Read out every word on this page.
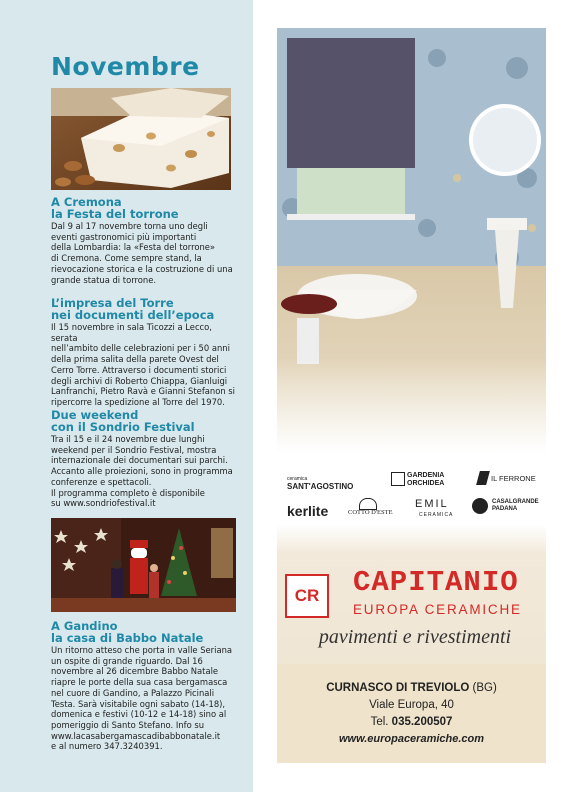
Novembre
A Cremona
la Festa del torrone

Dal 9 al 17 novembre torna uno degli
eventi gastronomici più importanti
della Lombardia: la «Festa del torrone»
di Cremona. Come sempre stand, la
rievocazione storica e la costruzione di una
grande statua di torrone.

L’impresa del Torre
nei documenti dell’epoca

Il 15 novembre in sala Ticozzi a Lecco, serata
nell’ambito delle celebrazioni per i 50 anni
della prima salita della parete Ovest del
Cerro Torre. Attraverso i documenti storici
degli archivi di Roberto Chiappa, Gianluigi
Lanfranchi, Pietro Ravà e Gianni Stefanon si
ripercorre la spedizione al Torre del 1970.

Due weekend
con il Sondrio Festival

Tra il 15 e il 24 novembre due lunghi
weekend per il Sondrio Festival, mostra
internazionale dei documentari sui parchi.
Accanto alle proiezioni, sono in programma
conferenze e spettacoli.
Il programma completo è disponibile
su www.sondriofestival.it

A Gandino
la casa di Babbo Natale

Un ritorno atteso che porta in valle Seriana
un ospite di grande riguardo. Dal 16
novembre al 26 dicembre Babbo Natale
riapre le porte della sua casa bergamasca
nel cuore di Gandino, a Palazzo Picinali
Testa. Sarà visitabile ogni sabato (14-18),
domenica e festivi (10-12 e 14-18) sino al
pomeriggio di Santo Stefano. Info su
www.lacasabergamascadibabbonatale.it
e al numero 347.3240391.

ceramica
SANT'AGOSTINO
GARDENIA
ORCHIDEA
IL FERRONE
kerlite	COTTO D'ESTE
EMIL
CERAMICA
CASALGRANDE
PADANA
CR	CAPITANIO
EUROPA CERAMICHE
pavimenti e rivestimenti
CURNASCO DI TREVIOLO (BG)
Viale Europa, 40
Tel. 035.200507
www.europaceramiche.com
